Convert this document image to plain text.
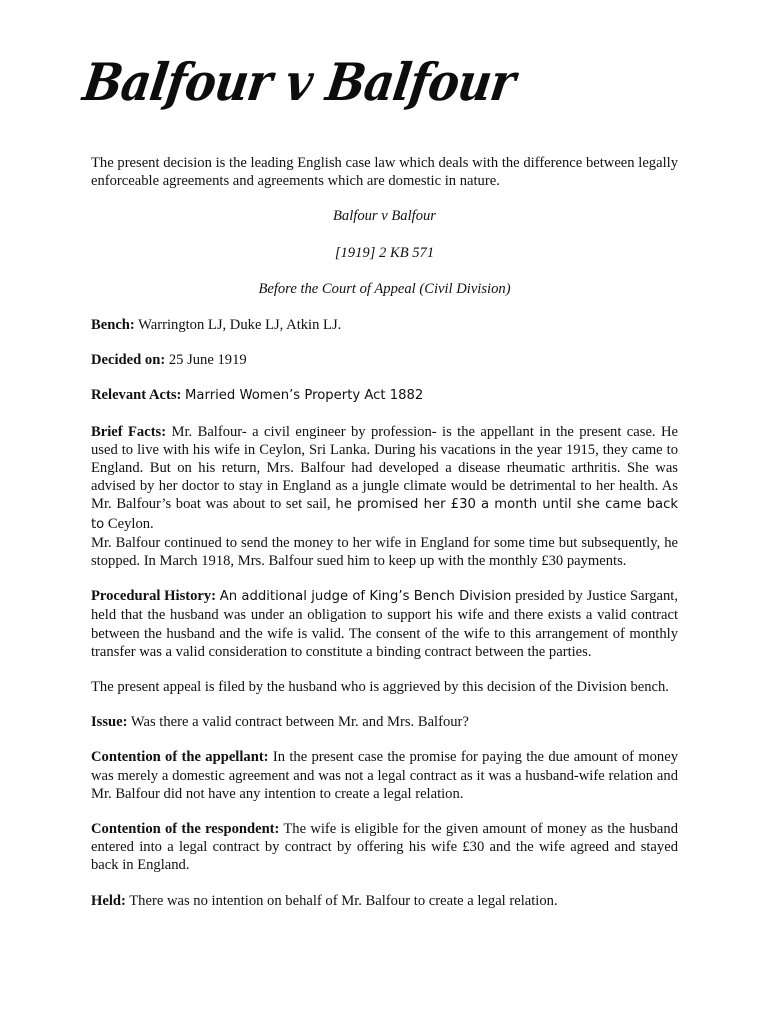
Balfour v Balfour

The present decision is the leading English case law which deals with the difference between legally enforceable agreements and agreements which are domestic in nature.

Balfour v Balfour

[1919] 2 KB 571

Before the Court of Appeal (Civil Division)

Bench: Warrington LJ, Duke LJ, Atkin LJ.

Decided on: 25 June 1919

Relevant Acts: Married Women’s Property Act 1882

Brief Facts: Mr. Balfour- a civil engineer by profession- is the appellant in the present case. He used to live with his wife in Ceylon, Sri Lanka. During his vacations in the year 1915, they came to England. But on his return, Mrs. Balfour had developed a disease rheumatic arthritis. She was advised by her doctor to stay in England as a jungle climate would be detrimental to her health. As Mr. Balfour’s boat was about to set sail, he promised her £30 a month until she came back to Ceylon.

Mr. Balfour continued to send the money to her wife in England for some time but subsequently, he stopped. In March 1918, Mrs. Balfour sued him to keep up with the monthly £30 payments.

Procedural History: An additional judge of King’s Bench Division presided by Justice Sargant, held that the husband was under an obligation to support his wife and there exists a valid contract between the husband and the wife is valid. The consent of the wife to this arrangement of monthly transfer was a valid consideration to constitute a binding contract between the parties.

The present appeal is filed by the husband who is aggrieved by this decision of the Division bench.

Issue: Was there a valid contract between Mr. and Mrs. Balfour?

Contention of the appellant: In the present case the promise for paying the due amount of money was merely a domestic agreement and was not a legal contract as it was a husband-wife relation and Mr. Balfour did not have any intention to create a legal relation.

Contention of the respondent: The wife is eligible for the given amount of money as the husband entered into a legal contract by contract by offering his wife £30 and the wife agreed and stayed back in England.

Held: There was no intention on behalf of Mr. Balfour to create a legal relation.
